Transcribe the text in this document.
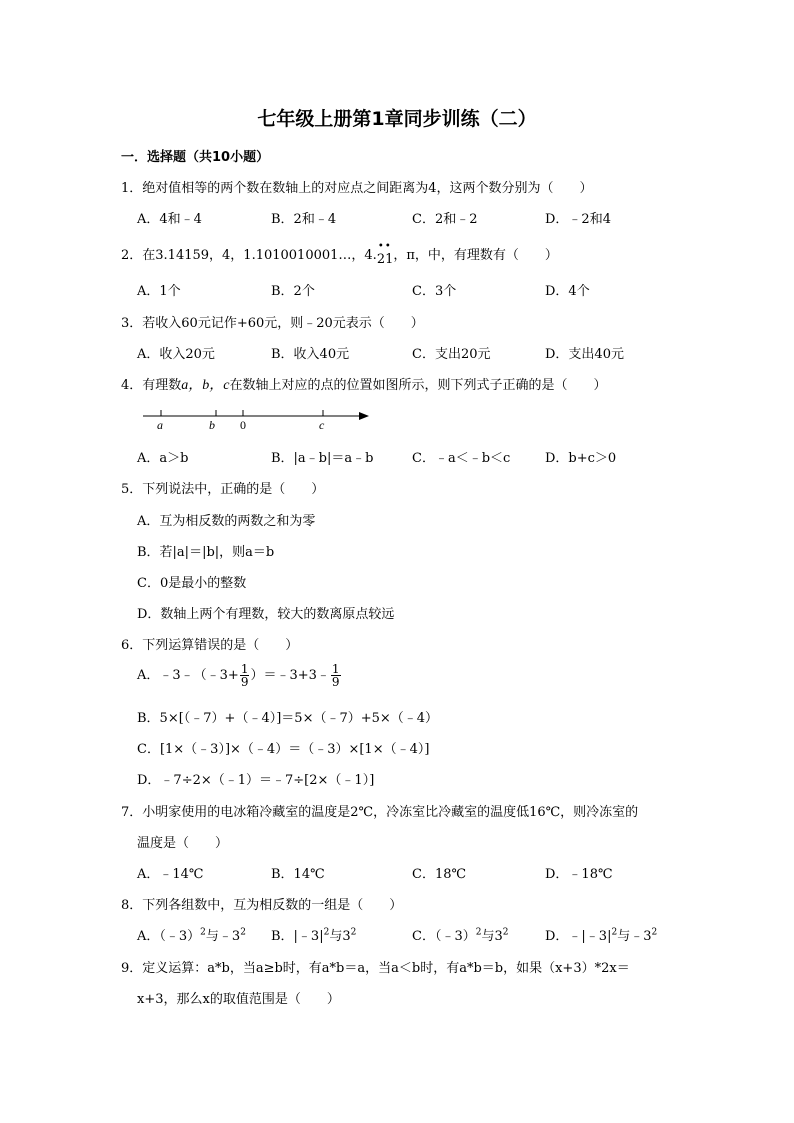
七年级上册第1章同步训练（二）
一．选择题（共10小题）
1．绝对值相等的两个数在数轴上的对应点之间距离为4，这两个数分别为（　　）
A．4和﹣4	B．2和﹣4	C．2和﹣2	D．﹣2和4
2．在3.14159，4，1.1010010001…，4.
• •
21，π，中，有理数有（　　）
A．1个	B．2个	C．3个	D．4个
3．若收入60元记作+60元，则﹣20元表示（　　）
A．收入20元	B．收入40元	C．支出20元	D．支出40元
4．有理数a，b，c在数轴上对应的点的位置如图所示，则下列式子正确的是（　　）
a	b 0	c
A．a＞b	B．|a﹣b|＝a﹣b	C．﹣a＜﹣b＜c	D．b+c＞0
5．下列说法中，正确的是（　　）
A．互为相反数的两数之和为零
B．若|a|＝|b|，则a＝b
C．0是最小的整数
D．数轴上两个有理数，较大的数离原点较远
6．下列运算错误的是（　　）
A．﹣3﹣（﹣3+ $\frac{1}{9}$ ）＝﹣3+3﹣ $\frac{1}{9}$
B．5×[（﹣7）+（﹣4）]＝5×（﹣7）+5×（﹣4）
C．[1×（﹣3）]×（﹣4）＝（﹣3）×[1×（﹣4）]
D．﹣7÷2×（﹣1）＝﹣7÷[2×（﹣1）]
7．小明家使用的电冰箱冷藏室的温度是2℃，冷冻室比冷藏室的温度低16℃，则冷冻室的
温度是（　　）
A．﹣14℃	B．14℃	C．18℃	D．﹣18℃
8．下列各组数中，互为相反数的一组是（　　）
A．（﹣3）$^2$与$﹣3^2$ B．$|﹣3|^2$与$3^2$	C．（﹣3）$^2$与$3^2$	D．$﹣|﹣3|^2$与$﹣3^2$
9．定义运算：a*b，当a≥b时，有a*b＝a，当a＜b时，有a*b＝b，如果（x+3）*2x＝
x+3，那么x的取值范围是（　　）
